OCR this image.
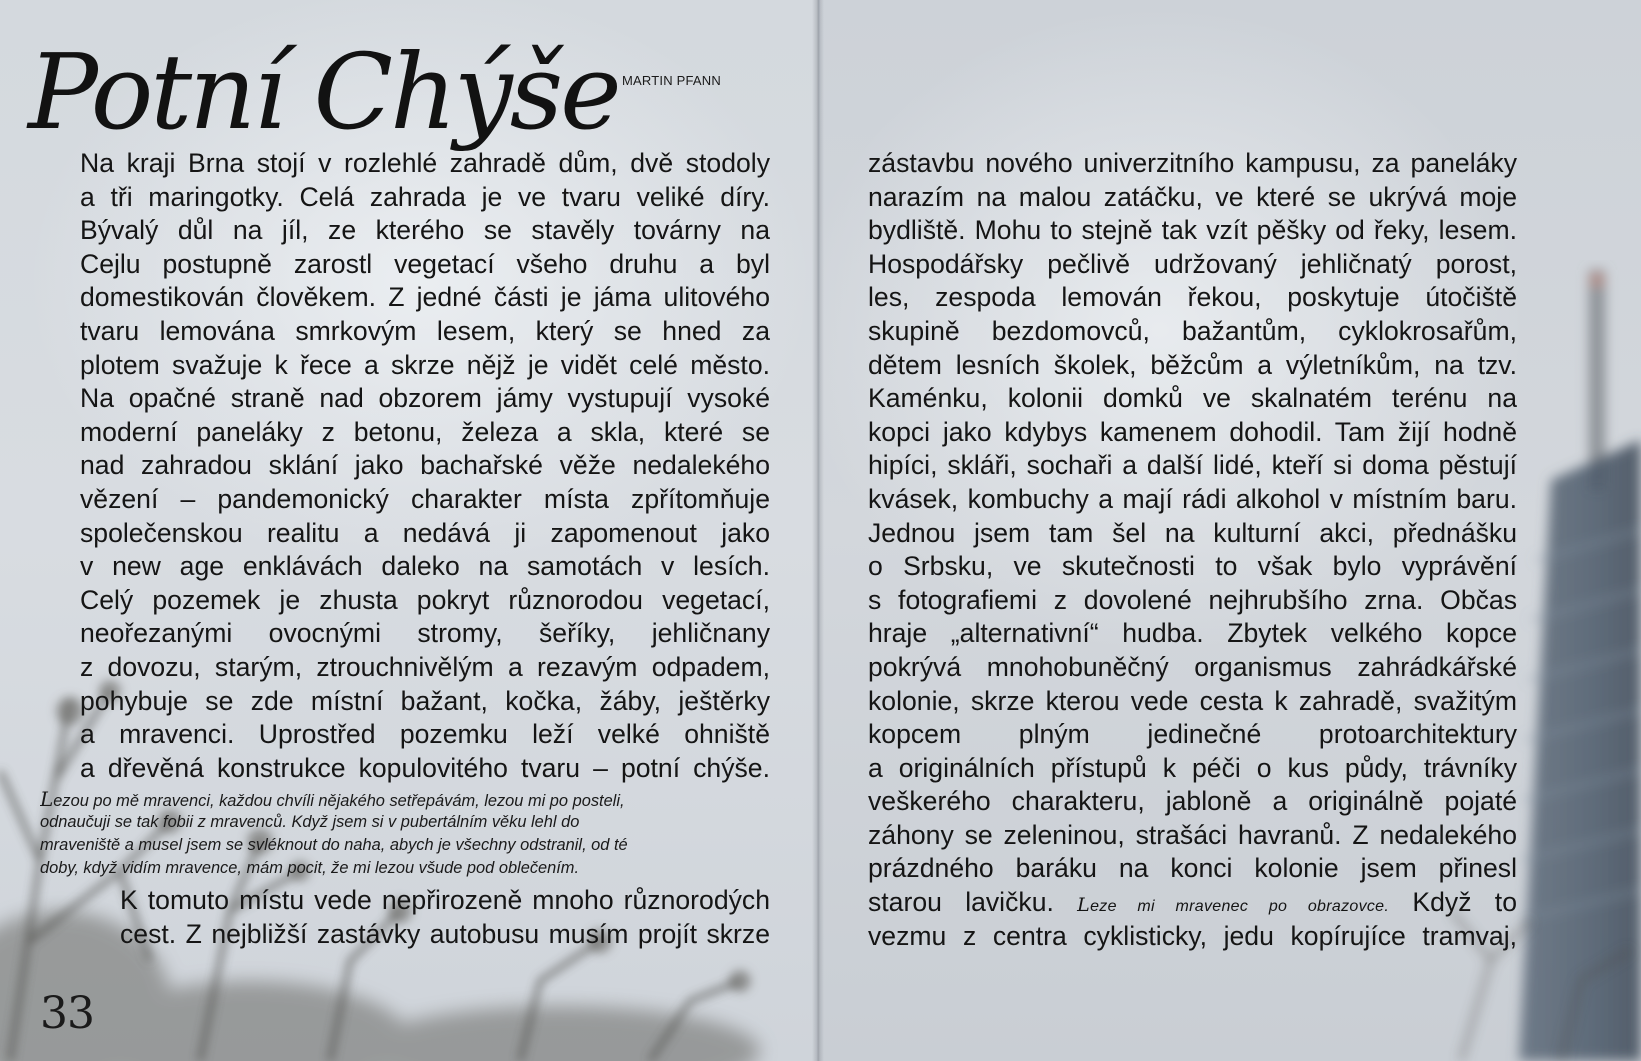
Potní Chýše MARTIN PFANN
Na kraji Brna stojí v rozlehlé zahradě dům, dvě stodoly
a tři maringotky. Celá zahrada je ve tvaru veliké díry.
Bývalý důl na jíl, ze kterého se stavěly továrny na
Cejlu postupně zarostl vegetací všeho druhu a byl
domestikován člověkem. Z jedné části je jáma ulitového
tvaru lemována smrkovým lesem, který se hned za
plotem svažuje k řece a skrze nějž je vidět celé město.
Na opačné straně nad obzorem jámy vystupují vysoké
moderní paneláky z betonu, železa a skla, které se
nad zahradou sklání jako bachařské věže nedalekého
vězení – pandemonický charakter místa zpřítomňuje
společenskou realitu a nedává ji zapomenout jako
v new age enklávách daleko na samotách v lesích.
Celý pozemek je zhusta pokryt různorodou vegetací,
neořezanými ovocnými stromy, šeříky, jehličnany
z dovozu, starým, ztrouchnivělým a rezavým odpadem,
pohybuje se zde místní bažant, kočka, žáby, ještěrky
a mravenci. Uprostřed pozemku leží velké ohniště
a dřevěná konstrukce kopulovitého tvaru – potní chýše.
Lezou po mě mravenci, každou chvíli nějakého setřepávám, lezou mi po posteli,
odnaučuji se tak fobii z mravenců. Když jsem si v pubertálním věku lehl do
mraveniště a musel jsem se svléknout do naha, abych je všechny odstranil, od té
doby, když vidím mravence, mám pocit, že mi lezou všude pod oblečením.
K tomuto místu vede nepřirozeně mnoho různorodých
cest. Z nejbližší zastávky autobusu musím projít skrze
33
zástavbu nového univerzitního kampusu, za paneláky
narazím na malou zatáčku, ve které se ukrývá moje
bydliště. Mohu to stejně tak vzít pěšky od řeky, lesem.
Hospodářsky pečlivě udržovaný jehličnatý porost,
les, zespoda lemován řekou, poskytuje útočiště
skupině bezdomovců, bažantům, cyklokrosařům,
dětem lesních školek, běžcům a výletníkům, na tzv.
Kaménku, kolonii domků ve skalnatém terénu na
kopci jako kdybys kamenem dohodil. Tam žijí hodně
hipíci, skláři, sochaři a další lidé, kteří si doma pěstují
kvásek, kombuchy a mají rádi alkohol v místním baru.
Jednou jsem tam šel na kulturní akci, přednášku
o Srbsku, ve skutečnosti to však bylo vyprávění
s fotografiemi z dovolené nejhrubšího zrna. Občas
hraje „alternativní“ hudba. Zbytek velkého kopce
pokrývá mnohobuněčný organismus zahrádkářské
kolonie, skrze kterou vede cesta k zahradě, svažitým
kopcem plným jedinečné protoarchitektury
a originálních přístupů k péči o kus půdy, trávníky
veškerého charakteru, jabloně a originálně pojaté
záhony se zeleninou, strašáci havranů. Z nedalekého
prázdného baráku na konci kolonie jsem přinesl
starou lavičku. Leze mi mravenec po obrazovce. Když to
vezmu z centra cyklisticky, jedu kopírujíce tramvaj,
